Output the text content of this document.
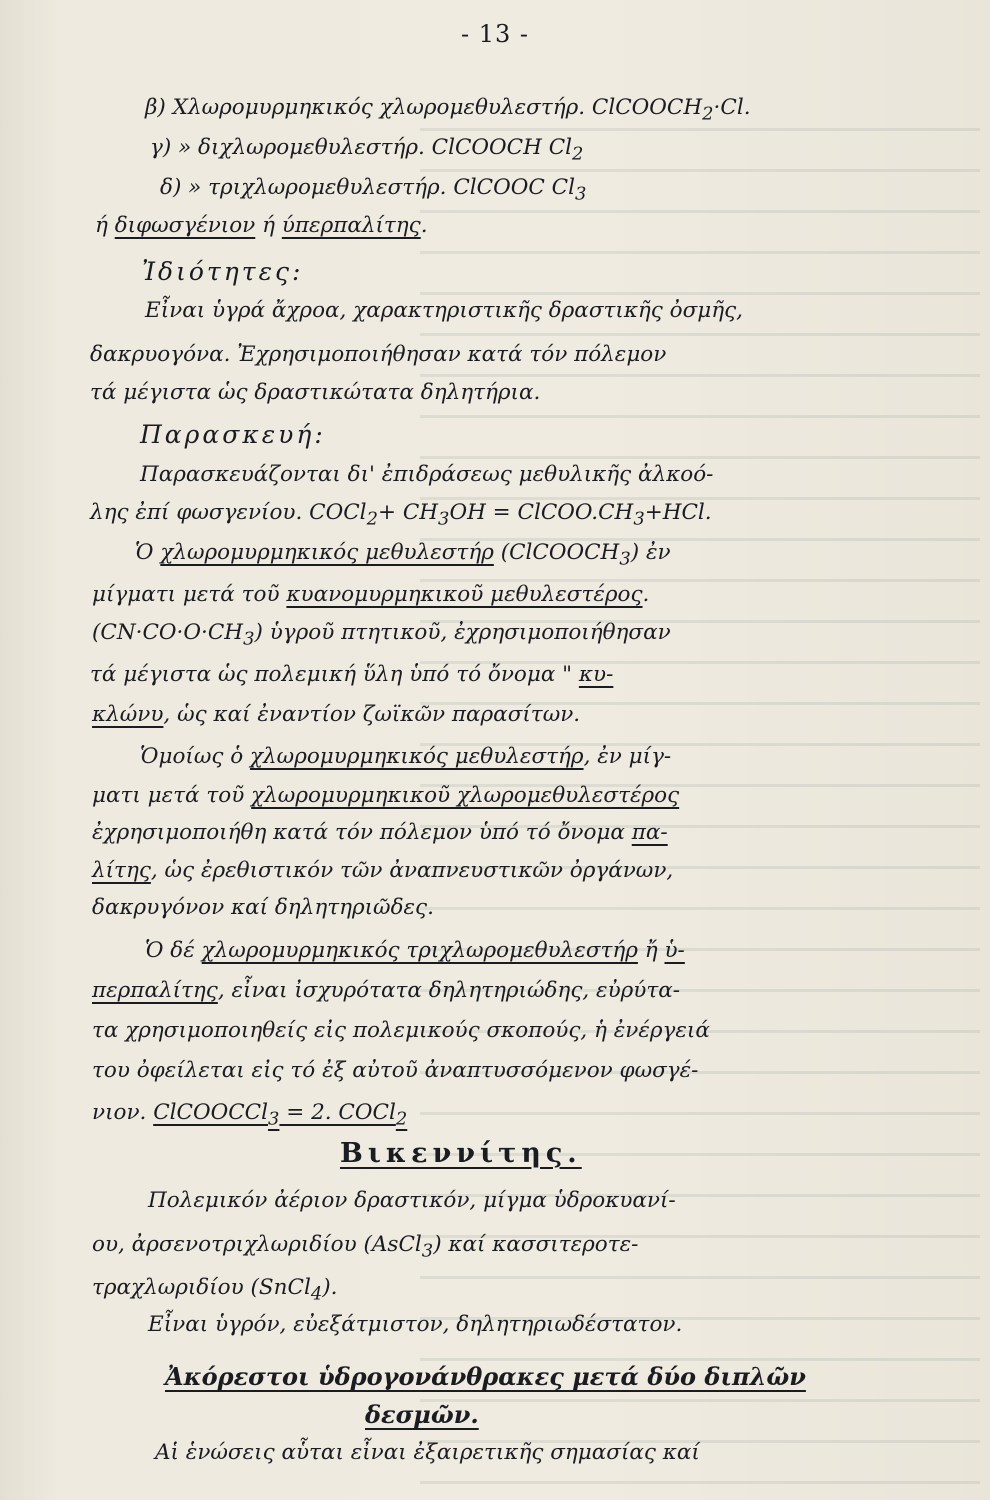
- 13 -
β) Χλωρομυρμηκικός χλωρομεθυλεστήρ. ClCOOCH$_2$·Cl.
γ) » διχλωρομεθυλεστήρ. ClCOOCH $Cl_2$
δ) » τριχλωρομεθυλεστήρ. ClCOOC $Cl_3$
ή διφωσγένιον ή ύπερπαλίτης.
Ἰδιότητες:
Εἶναι ὑγρά ἄχροα, χαρακτηριστικῆς δραστικῆς ὀσμῆς,
δακρυογόνα. Ἐχρησιμοποιήθησαν κατά τόν πόλεμον
τά μέγιστα ὡς δραστικώτατα δηλητήρια.
Παρασκευή:
Παρασκευάζονται δι' ἐπιδράσεως μεθυλικῆς ἀλκοό-
λης ἐπί φωσγενίου. COCl$_2$+ $CH_3OH$ = $ClCOO.CH_3+HCl$.
Ὁ χλωρομυρμηκικός μεθυλεστήρ (ClCOOCH$_3$) ἐν
μίγματι μετά τοῦ κυανομυρμηκικοῦ μεθυλεστέρος.
$(CN\cdot CO\cdot O\cdot CH_3)$ ὑγροῦ πτητικοῦ, ἐχρησιμοποιήθησαν
τά μέγιστα ὡς πολεμική ὕλη ὑπό τό ὄνομα " κυ-
κλώνυ, ὡς καί ἐναντίον ζωϊκῶν παρασίτων.
Ὁμοίως ὁ χλωρομυρμηκικός μεθυλεστήρ, ἐν μίγ-
ματι μετά τοῦ χλωρομυρμηκικοῦ χλωρομεθυλεστέρος
ἐχρησιμοποιήθη κατά τόν πόλεμον ὑπό τό ὄνομα πα-
λίτης, ὡς ἐρεθιστικόν τῶν ἀναπνευστικῶν ὀργάνων,
δακρυγόνον καί δηλητηριῶδες.
Ὁ δέ χλωρομυρμηκικός τριχλωρομεθυλεστήρ ἤ ὑ-
περπαλίτης, εἶναι ἰσχυρότατα δηλητηριώδης, εὐρύτα-
τα χρησιμοποιηθείς εἰς πολεμικούς σκοπούς, ἡ ἐνέργειά
του ὀφείλεται εἰς τό ἐξ αὐτοῦ ἀναπτυσσόμενον φωσγέ-
νιον. ClCOOCCl$_3$ = 2. COCl$_2$
Βικεννίτης.
Πολεμικόν ἀέριον δραστικόν, μίγμα ὑδροκυανί-
ου, ἀρσενοτριχλωριδίου (AsCl$_3$) καί κασσιτεροτε-
τραχλωριδίου (SnCl$_4$).
Εἶναι ὑγρόν, εὐεξάτμιστον, δηλητηριωδέστατον.
Ἀκόρεστοι ὑδρογονάνθρακες μετά δύο διπλῶν
δεσμῶν.
Αἱ ἑνώσεις αὗται εἶναι ἐξαιρετικῆς σημασίας καί
